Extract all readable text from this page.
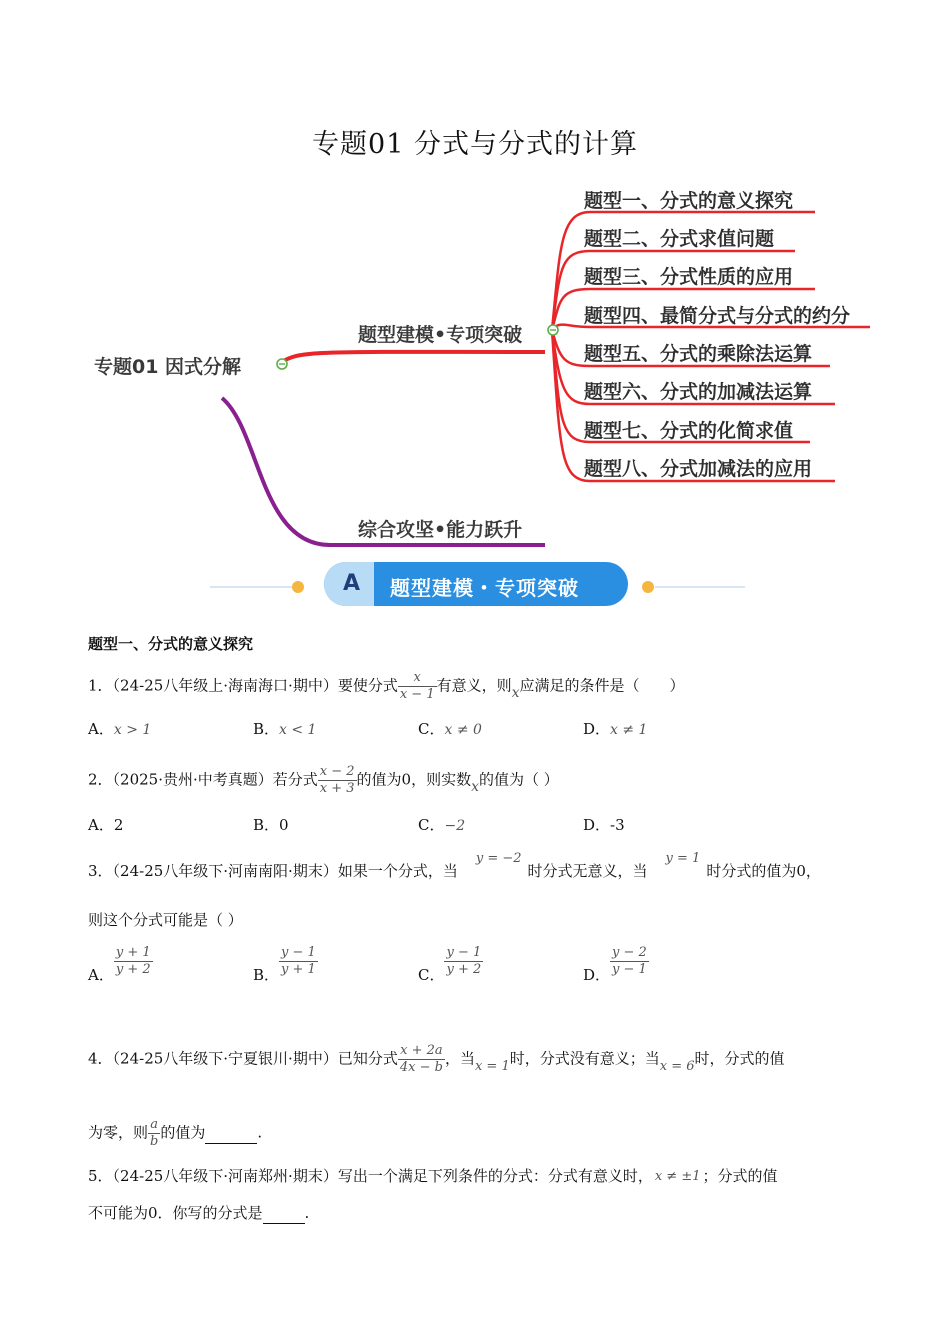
专题01 分式与分式的计算
专题01 因式分解
题型建模•专项突破
综合攻坚•能力跃升
题型一、分式的意义探究
题型二、分式求值问题
题型三、分式性质的应用
题型四、最简分式与分式的约分
题型五、分式的乘除法运算
题型六、分式的加减法运算
题型七、分式的化简求值
题型八、分式加减法的应用
A 题型建模・专项突破
题型一、分式的意义探究
1．（24-25八年级上·海南海口·期中）要使分式 $\frac{x}{x - 1}$ 有意义，则x应满足的条件是（　　）
A．x > 1	B．x < 1	C．x ≠ 0	D．x ≠ 1
2．（2025·贵州·中考真题）若分式 $\frac{x - 2}{x + 3}$ 的值为0，则实数x的值为（ ）
A．2	B．0	C．−2	D．-3
3．（24-25八年级下·河南南阳·期末）如果一个分式，当y = −2时分式无意义，当y = 1时分式的值为0，
则这个分式可能是（ ）
A． $\frac{y + 1}{y + 2}$	B． $\frac{y - 1}{y + 1}$	C． $\frac{y - 1}{y + 2}$	D． $\frac{y - 2}{y - 1}$
4．（24-25八年级下·宁夏银川·期中）已知分式 $\frac{x + 2a}{4x - b}$ ，当x = 1时，分式没有意义；当x = 6时，分式的值
为零，则 $\frac{a}{b}$ 的值为	.
5．（24-25八年级下·河南郑州·期末）写出一个满足下列条件的分式：分式有意义时， x ≠ ±1 ；分式的值
不可能为0．你写的分式是	.
